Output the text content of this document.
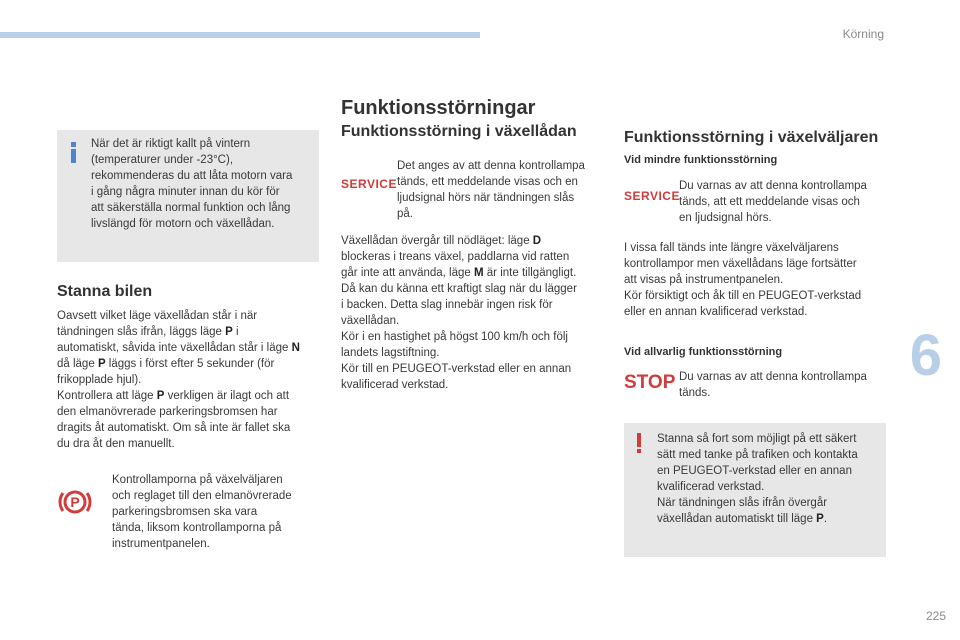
Körning
6
225

När det är riktigt kallt på vintern

(temperaturer under -23°C),

rekommenderas du att låta motorn vara

i gång några minuter innan du kör för

att säkerställa normal funktion och lång

livslängd för motorn och växellådan.

Stanna bilen

Oavsett vilket läge växellådan står i när

tändningen slås ifrån, läggs läge P i

automatiskt, såvida inte växellådan står i läge N

då läge P läggs i först efter 5 sekunder (för

frikopplade hjul).

Kontrollera att läge P verkligen är ilagt och att

den elmanövrerade parkeringsbromsen har

dragits åt automatiskt. Om så inte är fallet ska

du dra åt den manuellt.

P

Kontrollamporna på växelväljaren

och reglaget till den elmanövrerade

parkeringsbromsen ska vara

tända, liksom kontrollamporna på

instrumentpanelen.

Funktionsstörningar
Funktionsstörning i växellådan
SERVICE

Det anges av att denna kontrollampa

tänds, ett meddelande visas och en

ljudsignal hörs när tändningen slås

på.

Växellådan övergår till nödläget: läge D

blockeras i treans växel, paddlarna vid ratten

går inte att använda, läge M är inte tillgängligt.

Då kan du känna ett kraftigt slag när du lägger

i backen. Detta slag innebär ingen risk för

växellådan.

Kör i en hastighet på högst 100 km/h och följ

landets lagstiftning.

Kör till en PEUGEOT-verkstad eller en annan

kvalificerad verkstad.

Funktionsstörning i växelväljaren
Vid mindre funktionsstörning
SERVICE

Du varnas av att denna kontrollampa

tänds, att ett meddelande visas och

en ljudsignal hörs.

I vissa fall tänds inte längre växelväljarens

kontrollampor men växellådans läge fortsätter

att visas på instrumentpanelen.

Kör försiktigt och åk till en PEUGEOT-verkstad

eller en annan kvalificerad verkstad.

Vid allvarlig funktionsstörning
STOP Du varnas av att denna kontrollampa

tänds.

Stanna så fort som möjligt på ett säkert

sätt med tanke på trafiken och kontakta

en PEUGEOT-verkstad eller en annan

kvalificerad verkstad.

När tändningen slås ifrån övergår

växellådan automatiskt till läge P.
